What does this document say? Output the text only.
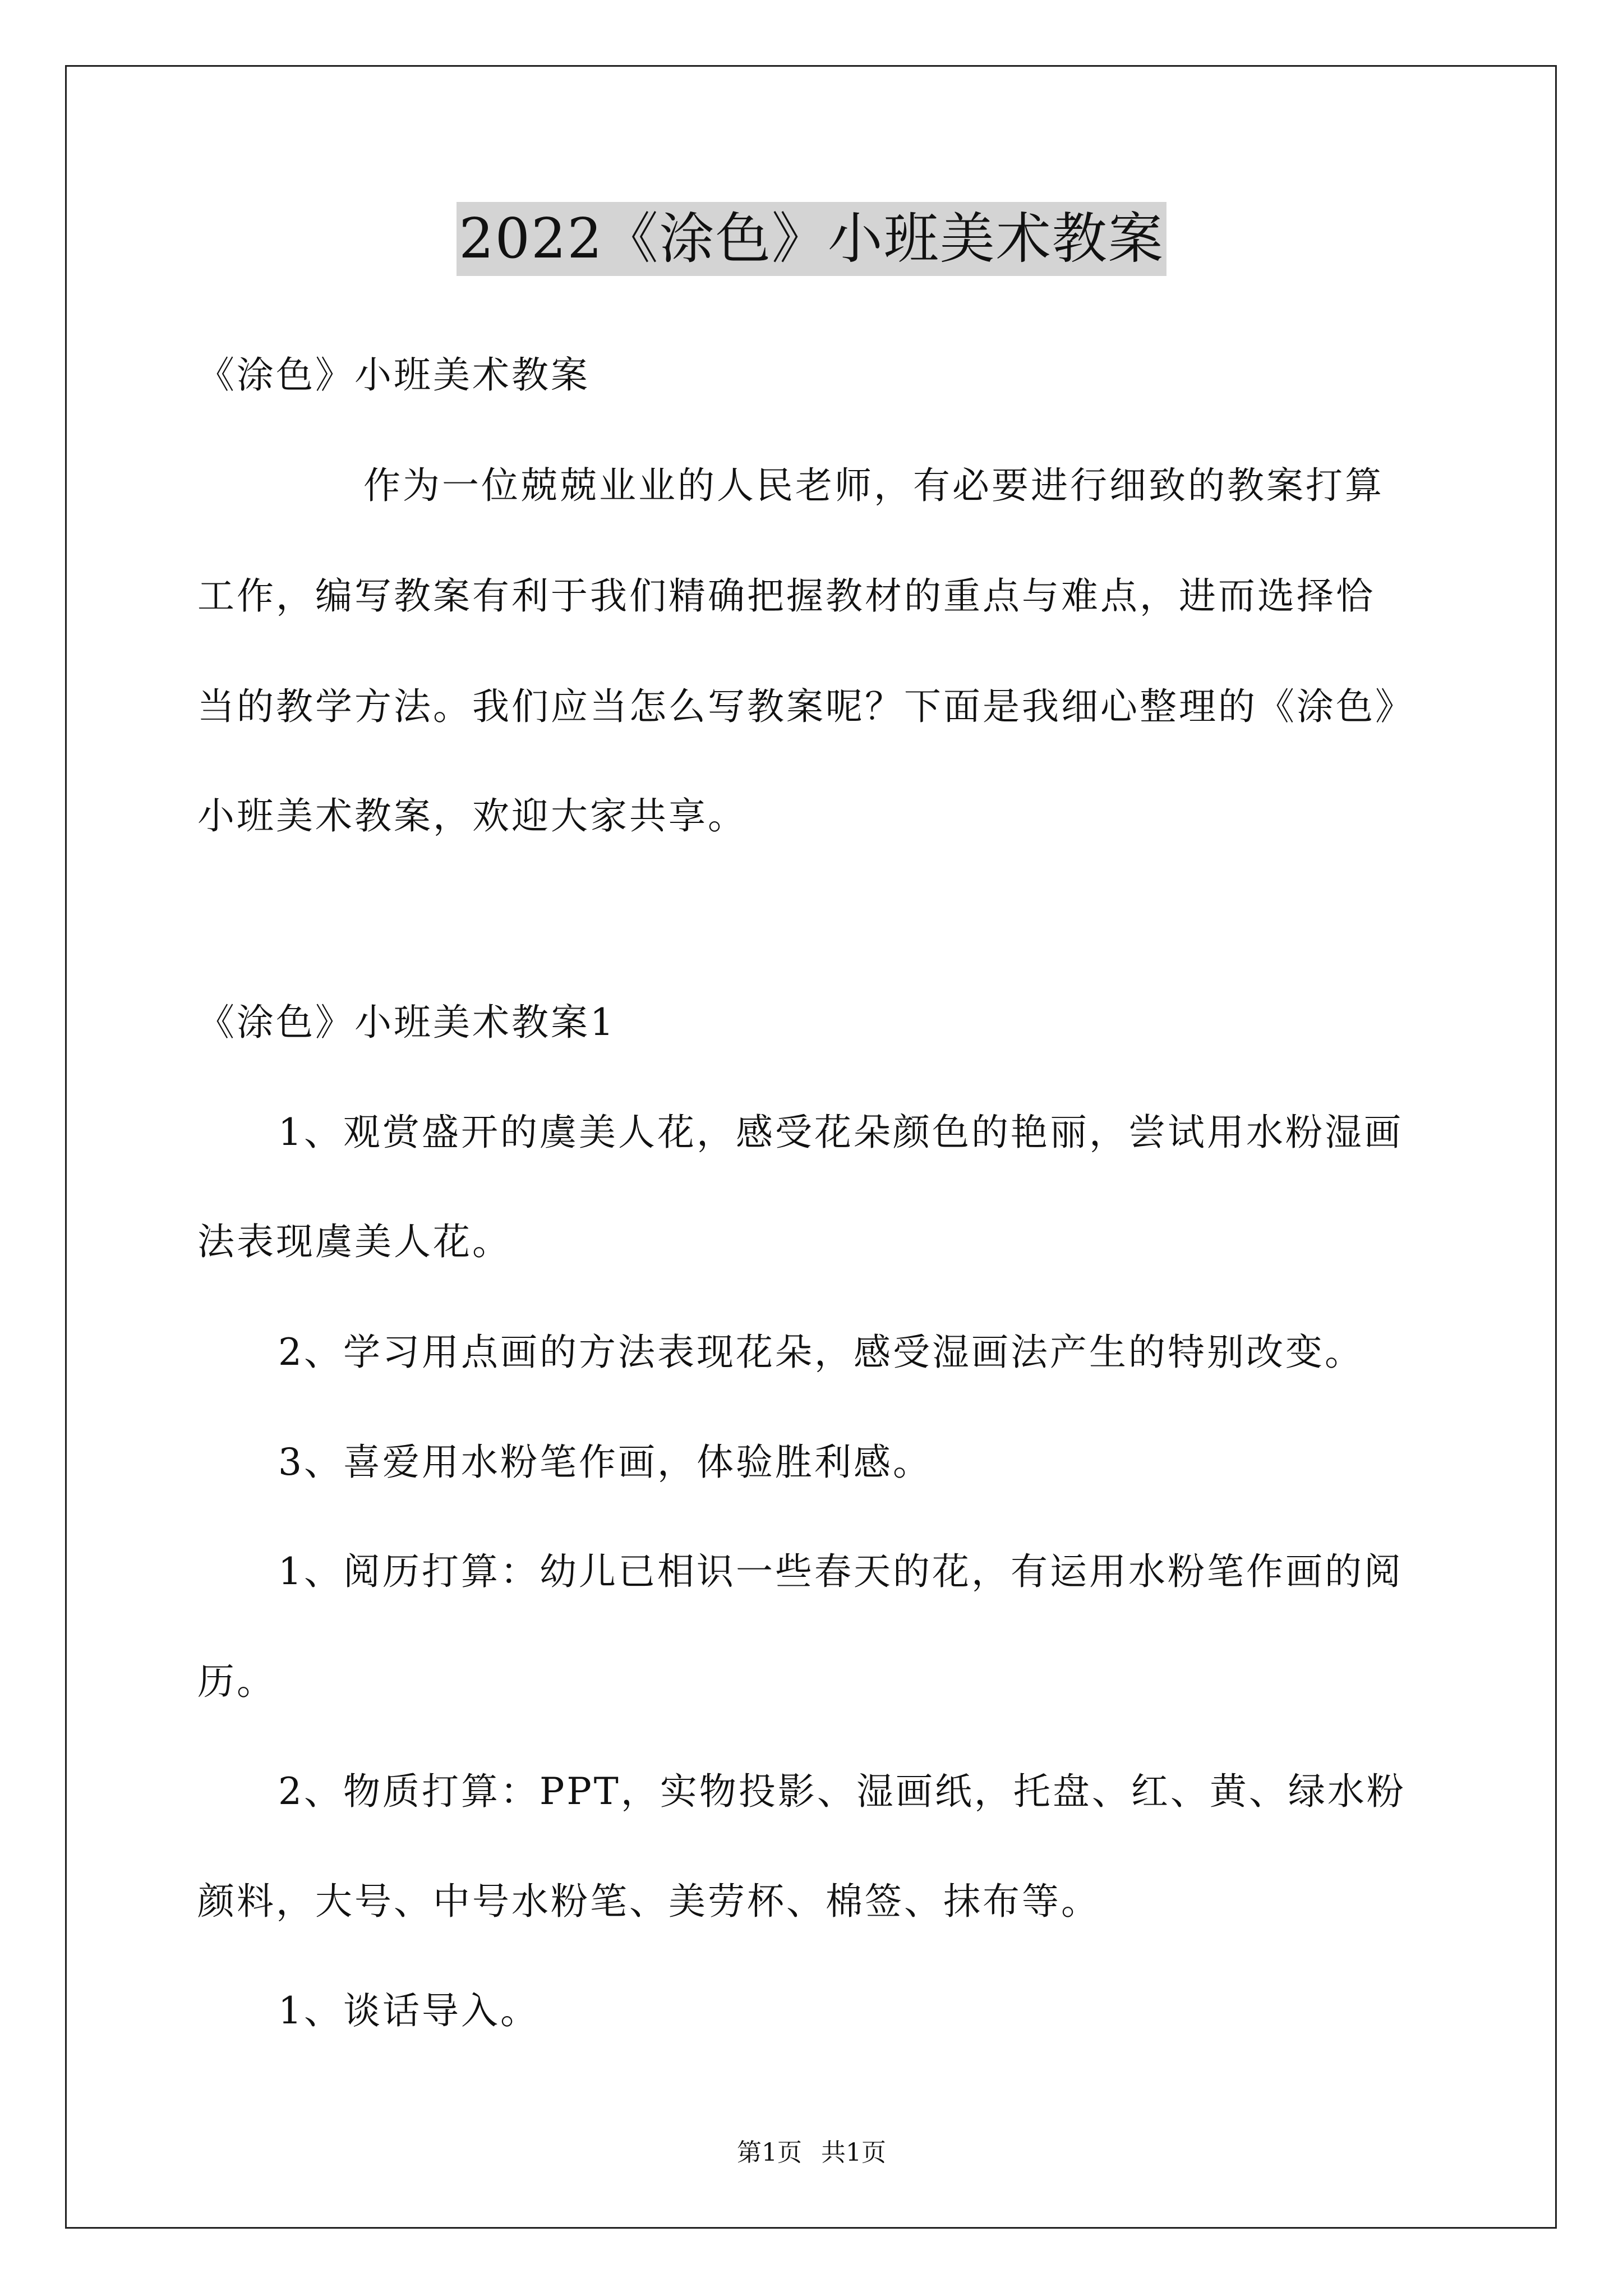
2022《涂色》小班美术教案
《涂色》小班美术教案
作为一位兢兢业业的人民老师，有必要进行细致的教案打算
工作，编写教案有利于我们精确把握教材的重点与难点，进而选择恰
当的教学方法。我们应当怎么写教案呢？下面是我细心整理的《涂色》
小班美术教案，欢迎大家共享。
《涂色》小班美术教案1
1、观赏盛开的虞美人花，感受花朵颜色的艳丽，尝试用水粉湿画
法表现虞美人花。
2、学习用点画的方法表现花朵，感受湿画法产生的特别改变。
3、喜爱用水粉笔作画，体验胜利感。
1、阅历打算：幼儿已相识一些春天的花，有运用水粉笔作画的阅
历。
2、物质打算：PPT，实物投影、湿画纸，托盘、红、黄、绿水粉
颜料，大号、中号水粉笔、美劳杯、棉签、抹布等。
1、谈话导入。
第1页 共1页
